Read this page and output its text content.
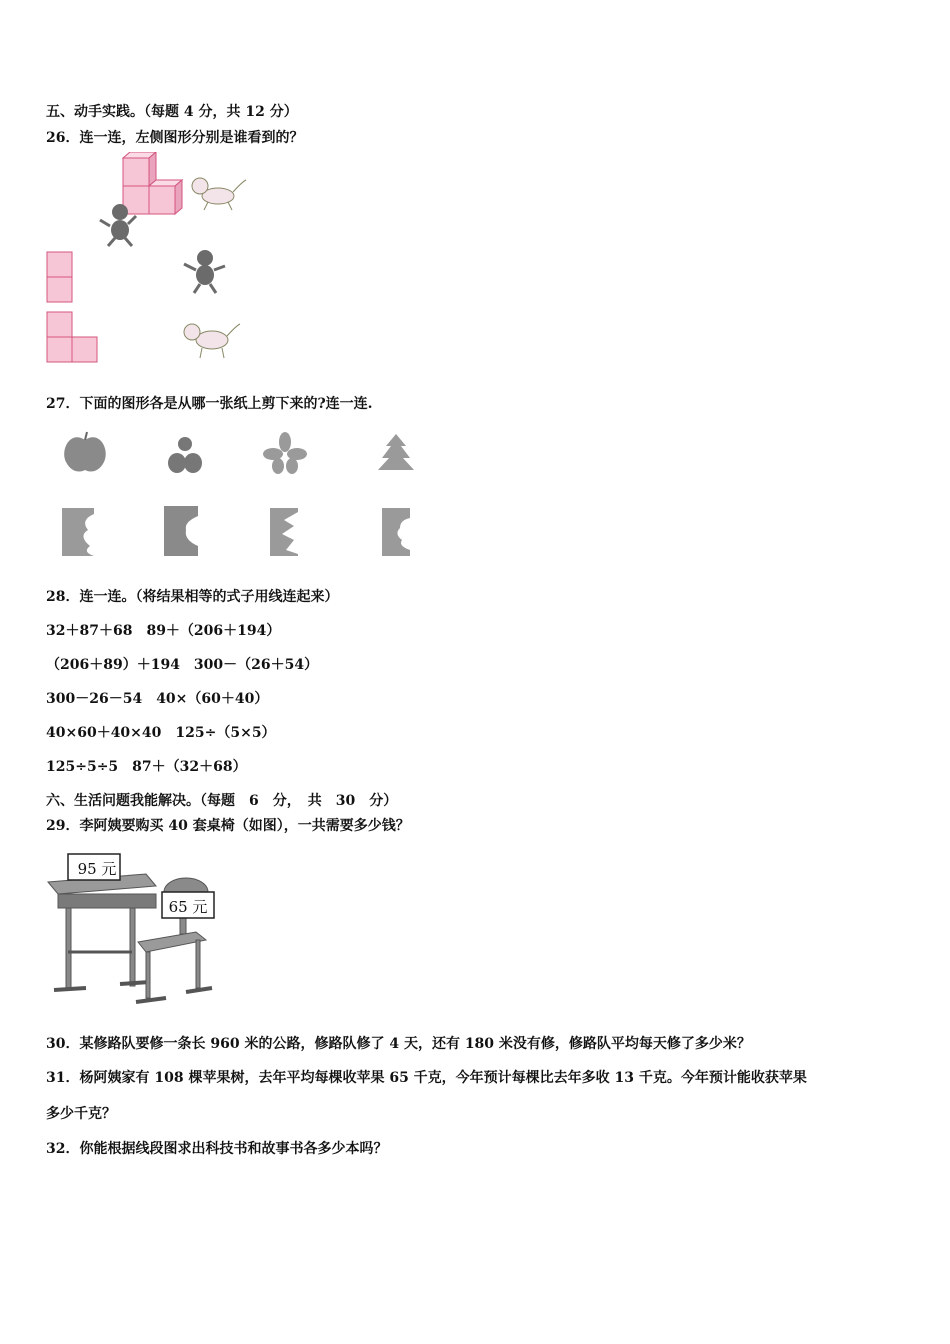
五、动手实践。（每题 4 分，共 12 分）
26．连一连，左侧图形分别是谁看到的？
27．下面的图形各是从哪一张纸上剪下来的?连一连.
28．连一连。（将结果相等的式子用线连起来）
32＋87＋68　89＋（206＋194）
（206＋89）＋194　300－（26＋54）
300－26－54　40×（60＋40）
40×60＋40×40　125÷（5×5）
125÷5÷5　87＋（32＋68）
六、生活问题我能解决。（每题　6　分，　共　30　分）
29．李阿姨要购买 40 套桌椅（如图），一共需要多少钱？
95 元
65 元
30．某修路队要修一条长 960 米的公路，修路队修了 4 天，还有 180 米没有修，修路队平均每天修了多少米？
31．杨阿姨家有 108 棵苹果树，去年平均每棵收苹果 65 千克，今年预计每棵比去年多收 13 千克。今年预计能收获苹果
多少千克？
32．你能根据线段图求出科技书和故事书各多少本吗？
